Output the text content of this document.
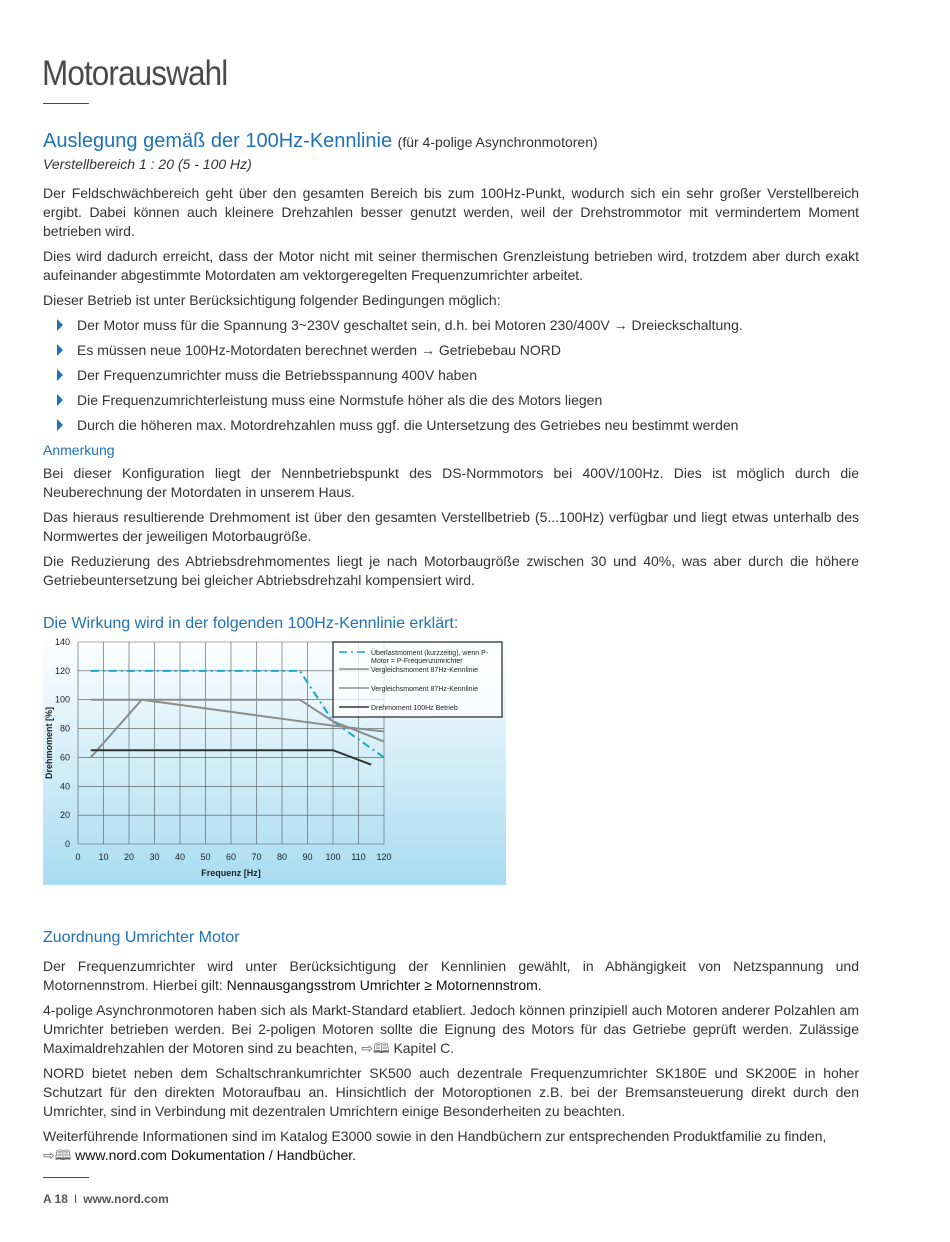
Motorauswahl
Auslegung gemäß der 100Hz-Kennlinie (für 4-polige Asynchronmotoren)

Verstellbereich 1 : 20 (5 - 100 Hz)

Der Feldschwächbereich geht über den gesamten Bereich bis zum 100Hz-Punkt, wodurch sich ein sehr großer Verstellbereich ergibt. Dabei können auch kleinere Drehzahlen besser genutzt werden, weil der Drehstrommotor mit vermindertem Moment betrieben wird.

Dies wird dadurch erreicht, dass der Motor nicht mit seiner thermischen Grenzleistung betrieben wird, trotzdem aber durch exakt aufeinander abgestimmte Motordaten am vektorgeregelten Frequenzumrichter arbeitet.

Dieser Betrieb ist unter Berücksichtigung folgender Bedingungen möglich:

Der Motor muss für die Spannung 3~230V geschaltet sein, d.h. bei Motoren 230/400V → Dreieckschaltung.
Es müssen neue 100Hz-Motordaten berechnet werden → Getriebebau NORD
Der Frequenzumrichter muss die Betriebsspannung 400V haben
Die Frequenzumrichterleistung muss eine Normstufe höher als die des Motors liegen
Durch die höheren max. Motordrehzahlen muss ggf. die Untersetzung des Getriebes neu bestimmt werden
Anmerkung

Bei dieser Konfiguration liegt der Nennbetriebspunkt des DS-Normmotors bei 400V/100Hz. Dies ist möglich durch die Neuberechnung der Motordaten in unserem Haus.

Das hieraus resultierende Drehmoment ist über den gesamten Verstellbetrieb (5...100Hz) verfügbar und liegt etwas unterhalb des Normwertes der jeweiligen Motorbaugröße.

Die Reduzierung des Abtriebsdrehmomentes liegt je nach Motorbaugröße zwischen 30 und 40%, was aber durch die höhere Getriebeuntersetzung bei gleicher Abtriebsdrehzahl kompensiert wird.

Die Wirkung wird in der folgenden 100Hz-Kennlinie erklärt:
0 10 20 30 40 50 60 70 80 90 100 110 120
0
20
40
60
80
100
120
140
Frequenz [Hz]
Drehmoment [%]
Überlastmoment (kurzzeitig), wenn P-
Motor = P-Frequenzumrichter
Vergleichsmoment 87Hz-Kennlinie
Vergleichsmoment 87Hz-Kennlinie
Drehmoment 100Hz Betrieb
Zuordnung Umrichter Motor

Der Frequenzumrichter wird unter Berücksichtigung der Kennlinien gewählt, in Abhängigkeit von Netzspannung und Motornennstrom. Hierbei gilt: Nennausgangsstrom Umrichter ≥ Motornennstrom.

4-polige Asynchronmotoren haben sich als Markt-Standard etabliert. Jedoch können prinzipiell auch Motoren anderer Polzahlen am Umrichter betrieben werden. Bei 2-poligen Motoren sollte die Eignung des Motors für das Getriebe geprüft werden. Zulässige Maximaldrehzahlen der Motoren sind zu beachten, ⇨🕮 Kapitel C.

NORD bietet neben dem Schaltschrankumrichter SK500 auch dezentrale Frequenzumrichter SK180E und SK200E in hoher Schutzart für den direkten Motoraufbau an. Hinsichtlich der Motoroptionen z.B. bei der Bremsansteuerung direkt durch den Umrichter, sind in Verbindung mit dezentralen Umrichtern einige Besonderheiten zu beachten.

Weiterführende Informationen sind im Katalog E3000 sowie in den Handbüchern zur entsprechenden Produktfamilie zu finden,
⇨🕮 www.nord.com Dokumentation / Handbücher.

A 18 I www.nord.com
